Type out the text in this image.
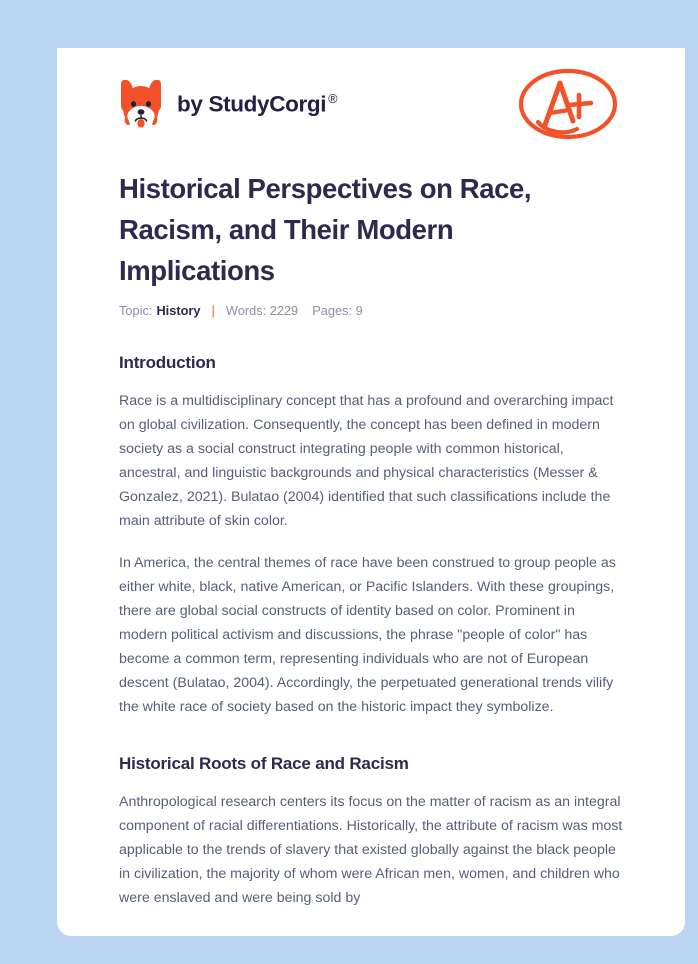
by StudyCorgi ®
Historical Perspectives on Race, Racism, and Their Modern Implications
Topic: History | Words: 2229 Pages: 9
Introduction

Race is a multidisciplinary concept that has a profound and overarching impact on global civilization. Consequently, the concept has been defined in modern society as a social construct integrating people with common historical, ancestral, and linguistic backgrounds and physical characteristics (Messer & Gonzalez, 2021). Bulatao (2004) identified that such classifications include the main attribute of skin color.

In America, the central themes of race have been construed to group people as either white, black, native American, or Pacific Islanders. With these groupings, there are global social constructs of identity based on color. Prominent in modern political activism and discussions, the phrase "people of color" has become a common term, representing individuals who are not of European descent (Bulatao, 2004). Accordingly, the perpetuated generational trends vilify the white race of society based on the historic impact they symbolize.

Historical Roots of Race and Racism

Anthropological research centers its focus on the matter of racism as an integral component of racial differentiations. Historically, the attribute of racism was most applicable to the trends of slavery that existed globally against the black people in civilization, the majority of whom were African men, women, and children who were enslaved and were being sold by
